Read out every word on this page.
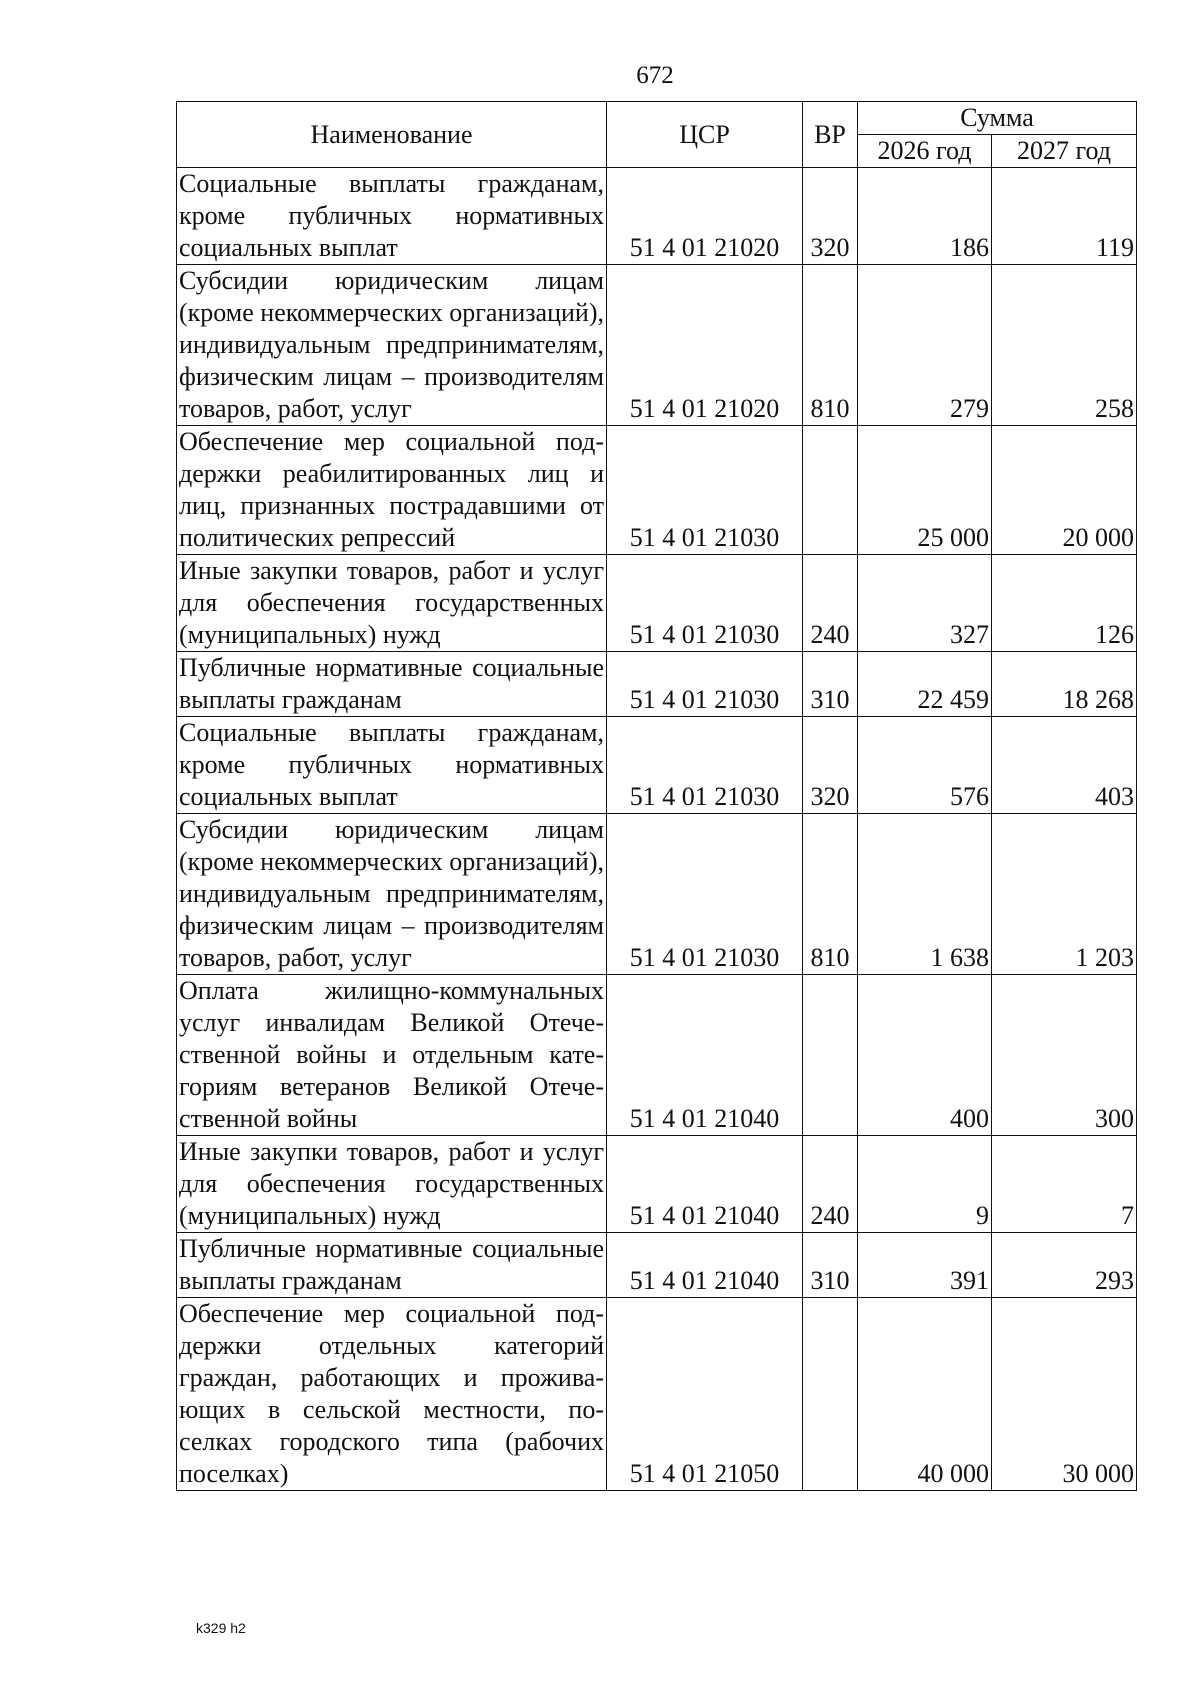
672
Наименование	ЦСР	ВР	Сумма	
			2026 год	2027 год
Социальные выплаты гражданам, кроме публичных нормативных социальных выплат	51 4 01 21020	320	186	119
Субсидии юридическим лицам (кроме некоммерческих организаций), индивидуальным предпринимателям, физическим лицам – производителям товаров, работ, услуг	51 4 01 21020	810	279	258
Обеспечение мер социальной поддержки реабилитированных лиц и лиц, признанных пострадавшими от политических репрессий	51 4 01 21030		25 000	20 000
Иные закупки товаров, работ и услуг для обеспечения государственных (муниципальных) нужд	51 4 01 21030	240	327	126
Публичные нормативные социальные выплаты гражданам	51 4 01 21030	310	22 459	18 268
Социальные выплаты гражданам, кроме публичных нормативных социальных выплат	51 4 01 21030	320	576	403
Субсидии юридическим лицам (кроме некоммерческих организаций), индивидуальным предпринимателям, физическим лицам – производителям товаров, работ, услуг	51 4 01 21030	810	1 638	1 203
Оплата жилищно-коммунальных услуг инвалидам Великой Отечественной войны и отдельным категориям ветеранов Великой Отечественной войны	51 4 01 21040		400	300
Иные закупки товаров, работ и услуг для обеспечения государственных (муниципальных) нужд	51 4 01 21040	240	9	7
Публичные нормативные социальные выплаты гражданам	51 4 01 21040	310	391	293
Обеспечение мер социальной поддержки отдельных категорий граждан, работающих и проживающих в сельской местности, поселках городского типа (рабочих поселках)	51 4 01 21050		40 000	30 000
k329 h2
